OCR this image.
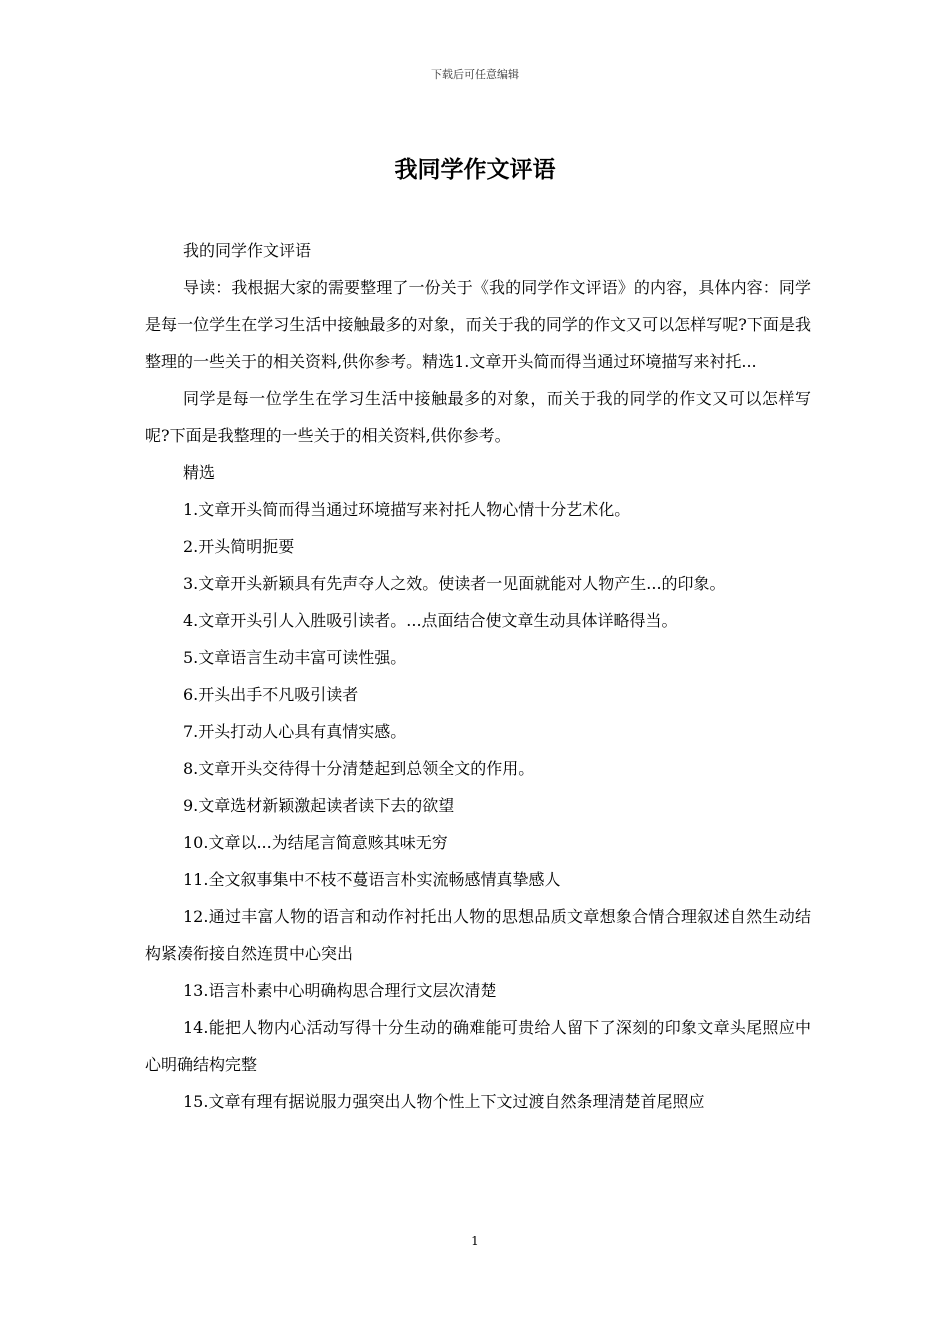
下载后可任意编辑
我同学作文评语

我的同学作文评语

导读：我根据大家的需要整理了一份关于《我的同学作文评语》的内容，具体内容：同学是每一位学生在学习生活中接触最多的对象，而关于我的同学的作文又可以怎样写呢?下面是我整理的一些关于的相关资料,供你参考。精选1.文章开头简而得当通过环境描写来衬托...

同学是每一位学生在学习生活中接触最多的对象，而关于我的同学的作文又可以怎样写呢?下面是我整理的一些关于的相关资料,供你参考。

精选

1.文章开头简而得当通过环境描写来衬托人物心情十分艺术化。

2.开头简明扼要

3.文章开头新颖具有先声夺人之效。使读者一见面就能对人物产生...的印象。

4.文章开头引人入胜吸引读者。...点面结合使文章生动具体详略得当。

5.文章语言生动丰富可读性强。

6.开头出手不凡吸引读者

7.开头打动人心具有真情实感。

8.文章开头交待得十分清楚起到总领全文的作用。

9.文章选材新颖激起读者读下去的欲望

10.文章以...为结尾言简意赅其味无穷

11.全文叙事集中不枝不蔓语言朴实流畅感情真挚感人

12.通过丰富人物的语言和动作衬托出人物的思想品质文章想象合情合理叙述自然生动结构紧凑衔接自然连贯中心突出

13.语言朴素中心明确构思合理行文层次清楚

14.能把人物内心活动写得十分生动的确难能可贵给人留下了深刻的印象文章头尾照应中心明确结构完整

15.文章有理有据说服力强突出人物个性上下文过渡自然条理清楚首尾照应

1
